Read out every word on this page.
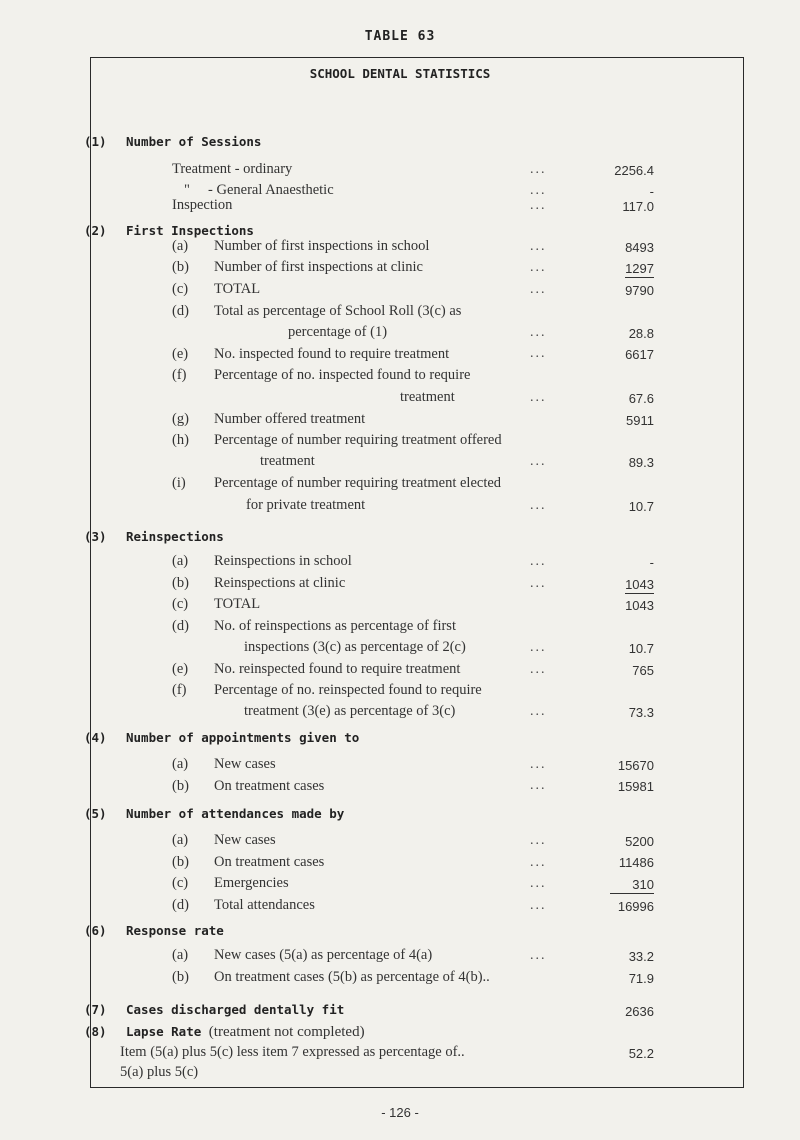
TABLE 63
SCHOOL DENTAL STATISTICS
(1) Number of Sessions
Treatment - ordinary	...	2256.4
"     - General Anaesthetic	...	-
Inspection	...	117.0
(2) First Inspections
(a) Number of first inspections in school	...	8493
(b) Number of first inspections at clinic	...	1297
(c) TOTAL	...	9790
(d) Total as percentage of School Roll (3(c) as
percentage of (1)	...	28.8
(e) No. inspected found to require treatment	...	6617
(f) Percentage of no. inspected found to require
treatment	...	67.6
(g) Number offered treatment	5911
(h) Percentage of number requiring treatment offered
treatment	...	89.3
(i) Percentage of number requiring treatment elected
for private treatment	...	10.7
(3) Reinspections
(a) Reinspections in school	...	-
(b) Reinspections at clinic	...	1043
(c) TOTAL	1043
(d) No. of reinspections as percentage of first
inspections (3(c) as percentage of 2(c)	...	10.7
(e) No. reinspected found to require treatment	...	765
(f) Percentage of no. reinspected found to require
treatment (3(e) as percentage of 3(c)	...	73.3
(4) Number of appointments given to
(a) New cases	...	15670
(b) On treatment cases	...	15981
(5) Number of attendances made by
(a) New cases	...	5200
(b) On treatment cases	...	11486
(c) Emergencies	...	310
(d) Total attendances	...	16996
(6) Response rate
(a) New cases (5(a) as percentage of 4(a)	...	33.2
(b) On treatment cases (5(b) as percentage of 4(b)..	71.9
(7) Cases discharged dentally fit	2636
(8) Lapse Rate (treatment not completed)
Item (5(a) plus 5(c) less item 7 expressed as percentage of..	52.2
5(a) plus 5(c)
- 126 -
